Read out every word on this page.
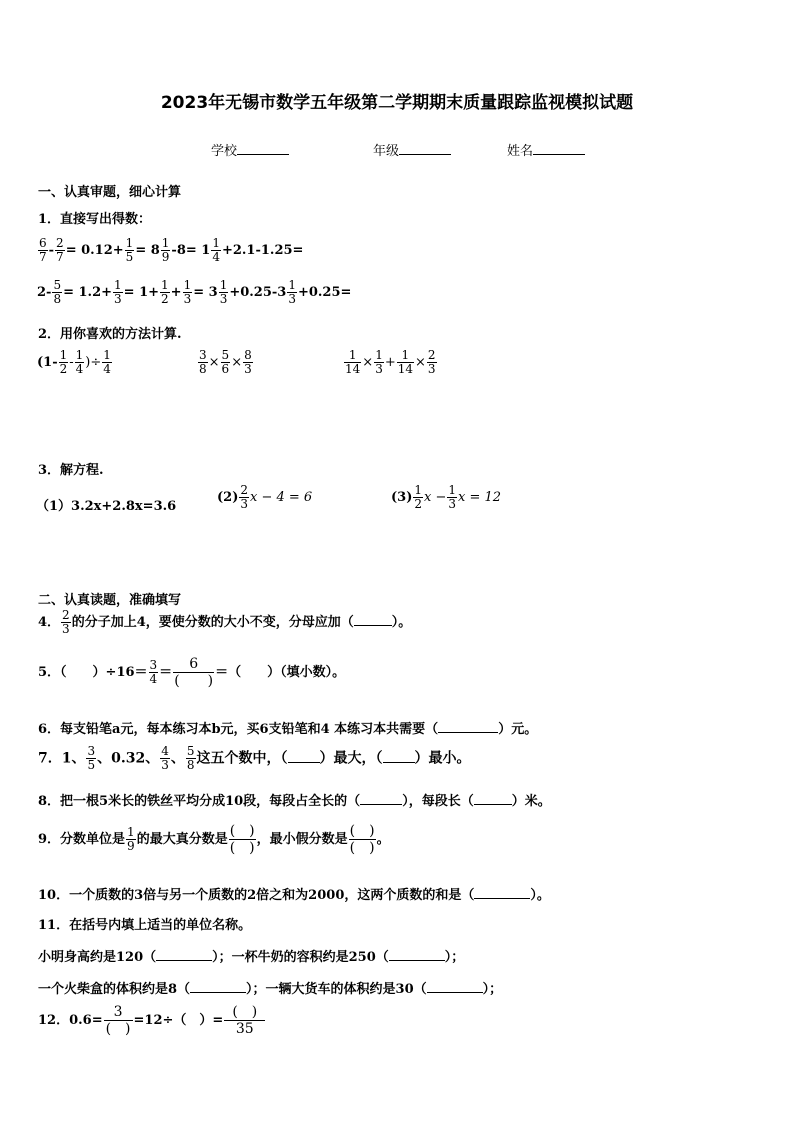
2023年无锡市数学五年级第二学期期末质量跟踪监视模拟试题
学校	年级	姓名
一、认真审题，细心计算
1．直接写出得数：
$\frac{6}{7} - \frac{2}{7} = 0.12+ \frac{1}{5} = 8 \frac{1}{9} -8= 1 \frac{1}{4} +2.1-1.25=$
$2- \frac{5}{8} = 1.2+ \frac{1}{3} = 1+ \frac{1}{2} + \frac{1}{3} = 3 \frac{1}{3} +0.25-3 \frac{1}{3} +0.25=$
2．用你喜欢的方法计算.
($1- \frac{1}{2} - \frac{1}{4}$ )÷ $\frac{1}{4}$	$\frac{3}{8} \times \frac{5}{6} \times \frac{8}{3}$	$\frac{1}{14} \times \frac{1}{3} + \frac{1}{14} \times \frac{2}{3}$
3．解方程.
（1）3.2x+2.8x=3.6
$(2) \frac{2}{3}$ x − 4 = 6	$(3) \frac{1}{2}$ $x - \frac{1}{3}$ x = 12
二、认真读题，准确填写
4． $\frac{2}{3}$ 的分子加上4，要使分数的大小不变，分母应加（	）。
5．（　　）$\div 16= \frac{3}{4} = \frac{6}{( )}$ ＝（　　）（填小数）。
6．每支铅笔a元，每本练习本b元，买6支铅笔和4 本练习本共需要（	）元。
7．1、 $\frac{3}{5}$ 、0.32、 $\frac{4}{3}$ 、 $\frac{5}{8}$ 这五个数中，（ ）最大，（ ）最小。
8．把一根5米长的铁丝平均分成10段，每段占全长的（	），每段长（	）米。
9．分数单位是 $\frac{1}{9}$ 的最大真分数是 $\frac{( )}{( )}$ ，最小假分数是 $\frac{( )}{( )}$ 。
10．一个质数的3倍与另一个质数的2倍之和为2000，这两个质数的和是（	）。
11．在括号内填上适当的单位名称。
小明身高约是120（	）；一杯牛奶的容积约是250（	）；
一个火柴盒的体积约是8（	）；一辆大货车的体积约是30（	）；
12．$0.6= \frac{3}{( )} =12\div$（　）= $\frac{( )}{35}$
